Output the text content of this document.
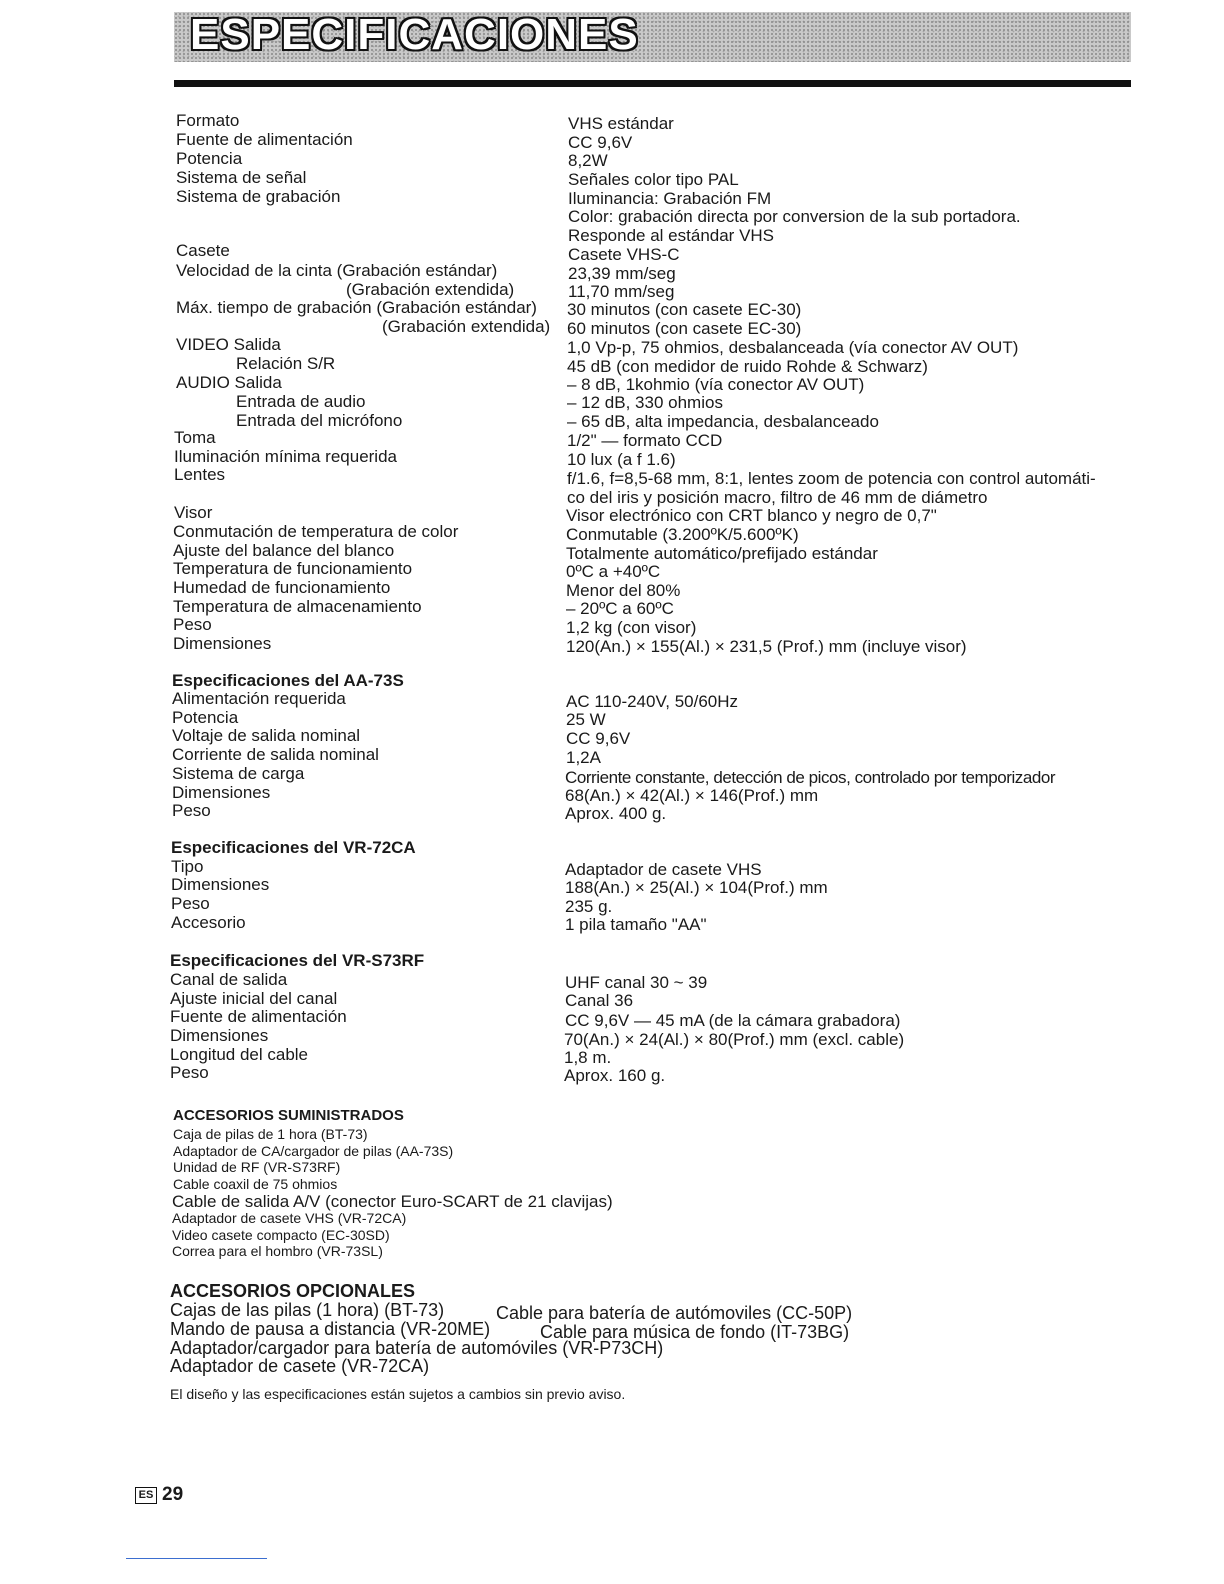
ESPECIFICACIONES
Formato
Fuente de alimentación
Potencia
Sistema de señal
Sistema de grabación
Casete
Velocidad de la cinta (Grabación estándar)
(Grabación extendida)
Máx. tiempo de grabación (Grabación estándar)
(Grabación extendida)
VIDEO Salida
Relación S/R
AUDIO Salida
Entrada de audio
Entrada del micrófono
Toma
Iluminación mínima requerida
Lentes
Visor
Conmutación de temperatura de color
Ajuste del balance del blanco
Temperatura de funcionamiento
Humedad de funcionamiento
Temperatura de almacenamiento
Peso
Dimensiones
VHS estándar
CC 9,6V
8,2W
Señales color tipo PAL
Iluminancia: Grabación FM
Color: grabación directa por conversion de la sub portadora.
Responde al estándar VHS
Casete VHS-C
23,39 mm/seg
11,70 mm/seg
30 minutos (con casete EC-30)
60 minutos (con casete EC-30)
1,0 Vp-p, 75 ohmios, desbalanceada (vía conector AV OUT)
45 dB (con medidor de ruido Rohde & Schwarz)
– 8 dB, 1kohmio (vía conector AV OUT)
– 12 dB, 330 ohmios
– 65 dB, alta impedancia, desbalanceado
1/2" — formato CCD
10 lux (a f 1.6)
f/1.6, f=8,5-68 mm, 8:1, lentes zoom de potencia con control automáti-
co del iris y posición macro, filtro de 46 mm de diámetro
Visor electrónico con CRT blanco y negro de 0,7"
Conmutable (3.200ºK/5.600ºK)
Totalmente automático/prefijado estándar
0ºC a +40ºC
Menor del 80%
– 20ºC a 60ºC
1,2 kg (con visor)
120(An.) × 155(Al.) × 231,5 (Prof.) mm (incluye visor)
Especificaciones del AA-73S
Alimentación requerida
Potencia
Voltaje de salida nominal
Corriente de salida nominal
Sistema de carga
Dimensiones
Peso
AC 110-240V, 50/60Hz
25 W
CC 9,6V
1,2A
Corriente constante, detección de picos, controlado por temporizador
68(An.) × 42(Al.) × 146(Prof.) mm
Aprox. 400 g.
Especificaciones del VR-72CA
Tipo
Dimensiones
Peso
Accesorio
Adaptador de casete VHS
188(An.) × 25(Al.) × 104(Prof.) mm
235 g.
1 pila tamaño "AA"
Especificaciones del VR-S73RF
Canal de salida
Ajuste inicial del canal
Fuente de alimentación
Dimensiones
Longitud del cable
Peso
UHF canal 30 ~ 39
Canal 36
CC 9,6V — 45 mA (de la cámara grabadora)
70(An.) × 24(Al.) × 80(Prof.) mm (excl. cable)
1,8 m.
Aprox. 160 g.
ACCESORIOS SUMINISTRADOS
Caja de pilas de 1 hora (BT-73)
Adaptador de CA/cargador de pilas (AA-73S)
Unidad de RF (VR-S73RF)
Cable coaxil de 75 ohmios
Cable de salida A/V (conector Euro-SCART de 21 clavijas)
Adaptador de casete VHS (VR-72CA)
Video casete compacto (EC-30SD)
Correa para el hombro (VR-73SL)
ACCESORIOS OPCIONALES
Cajas de las pilas (1 hora) (BT-73)	Cable para batería de autómoviles (CC-50P)
Mando de pausa a distancia (VR-20ME)	Cable para música de fondo (IT-73BG)
Adaptador/cargador para batería de automóviles (VR-P73CH)
Adaptador de casete (VR-72CA)
El diseño y las especificaciones están sujetos a cambios sin previo aviso.
ES 29
